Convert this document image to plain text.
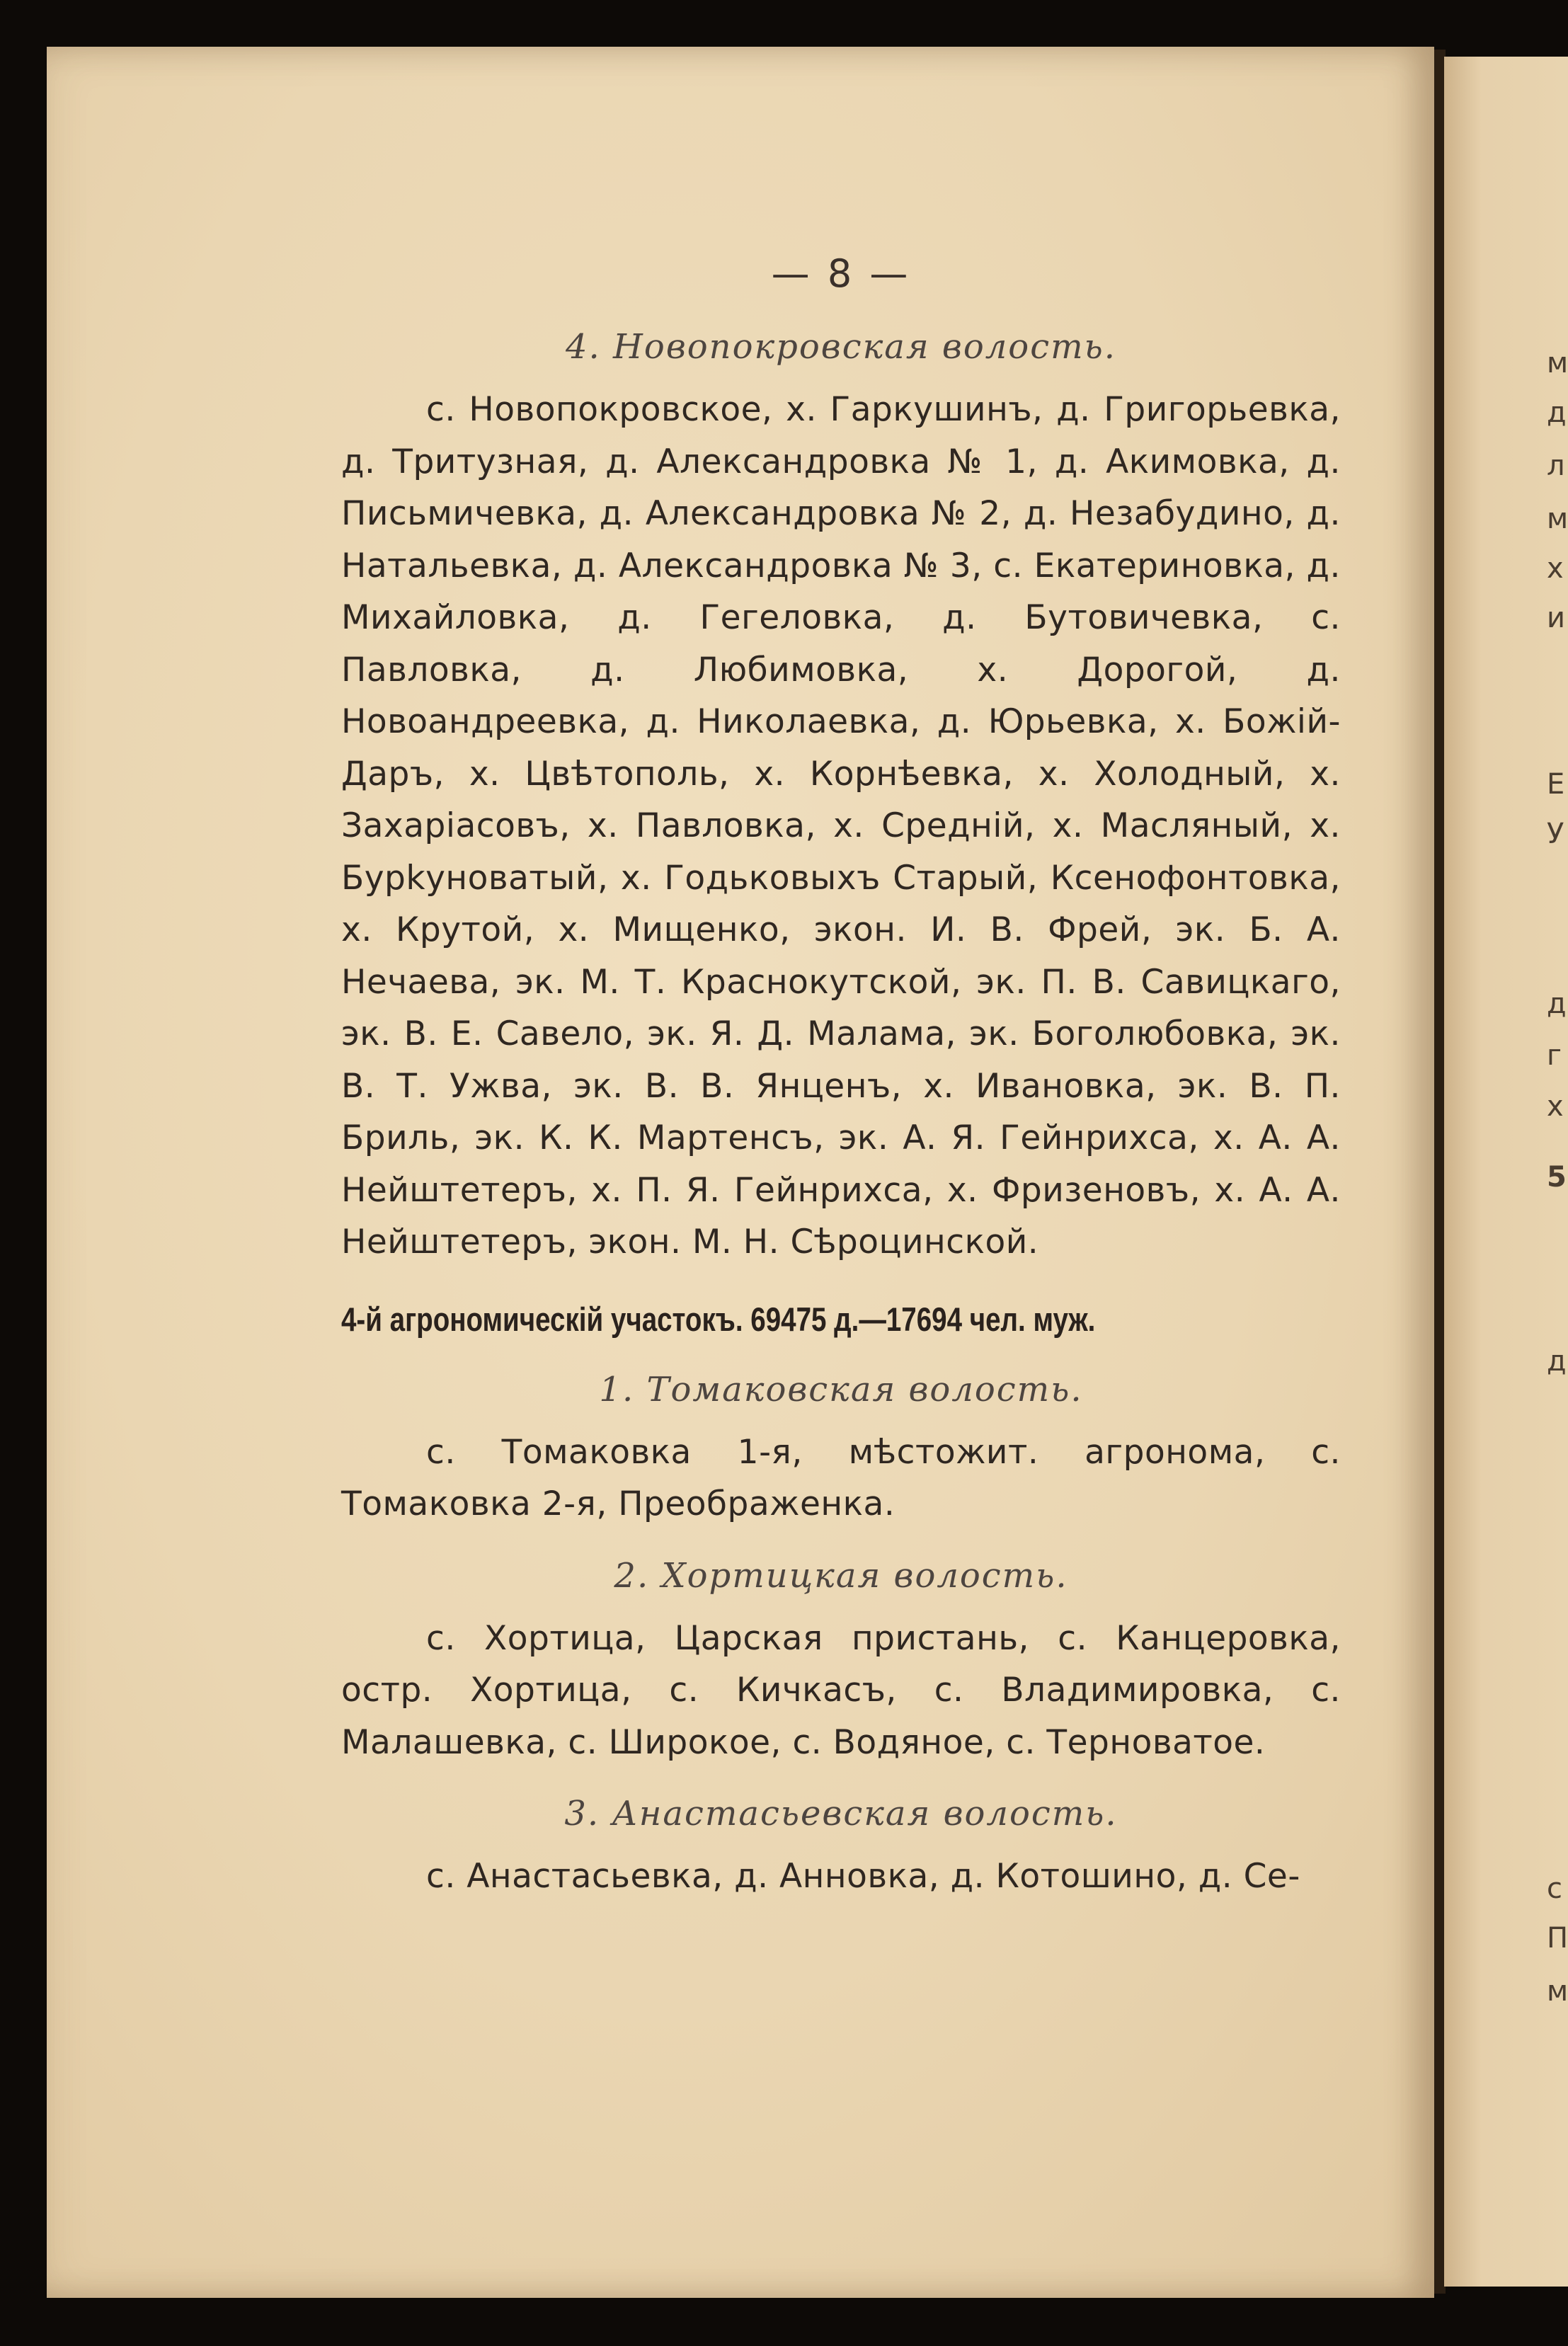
м
д
л
м
х
и
Е
У
д
г
х
5
д
с
П
м
— 8 —
4. Новопокровская волость.

с. Новопокровское, х. Гаркушинъ, д. Григорьевка, д. Тритузная, д. Александровка № 1, д. Акимовка, д. Письмичевка, д. Александровка № 2, д. Незабудино, д. Натальевка, д. Александровка № 3, с. Екатериновка, д. Михайловка, д. Гегеловка, д. Бутовичевка, с. Павловка, д. Любимовка, х. Дорогой, д. Новоандреевка, д. Николаевка, д. Юрьевка, х. Божій-Даръ, х. Цвѣтополь, х. Корнѣевка, х. Холодный, х. Захаріасовъ, х. Павловка, х. Средній, х. Масляный, х. Бурkуноватый, х. Годьковыхъ Старый, Ксенофонтовка, х. Крутой, х. Мищенко, экон. И. В. Фрей, эк. Б. А. Нечаева, эк. М. Т. Краснокутской, эк. П. В. Савицкаго, эк. В. Е. Савело, эк. Я. Д. Малама, эк. Боголюбовка, эк. В. Т. Ужва, эк. В. В. Янценъ, х. Ивановка, эк. В. П. Бриль, эк. К. К. Мартенсъ, эк. А. Я. Гейнрихса, х. А. А. Нейштетеръ, х. П. Я. Гейнрихса, х. Фризеновъ, х. А. А. Нейштетеръ, экон. М. Н. Сѣроцинской.

4-й агрономическій участокъ. 69475 д.—17694 чел. муж.
1. Томаковская волость.

с. Томаковка 1-я, мѣстожит. агронома, с. Томаковка 2-я, Преображенка.

2. Хортицкая волость.

с. Хортица, Царская пристань, с. Канцеровка, остр. Хортица, с. Кичкасъ, с. Владимировка, с. Малашевка, с. Широкое, с. Водяное, с. Терноватое.

3. Анастасьевская волость.

с. Анастасьевка, д. Анновка, д. Котошино, д. Се-
